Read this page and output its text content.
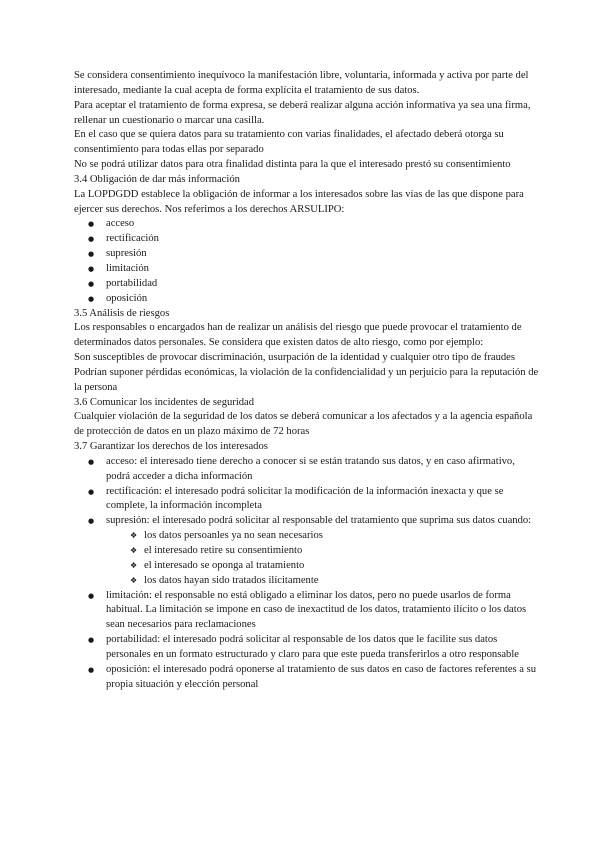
Se considera consentimiento inequívoco la manifestación libre, voluntaria, informada y activa por parte del interesado, mediante la cual acepta de forma explícita el tratamiento de sus datos.

Para aceptar el tratamiento de forma expresa, se deberá realizar alguna acción informativa ya sea una firma, rellenar un cuestionario o marcar una casilla.

En el caso que se quiera datos para su tratamiento con varias finalidades, el afectado deberá otorga su consentimiento para todas ellas por separado

No se podrá utilizar datos para otra finalidad distinta para la que el interesado prestó su consentimiento

3.4 Obligación de dar más información

La LOPDGDD establece la obligación de informar a los interesados sobre las vías de las que dispone para ejercer sus derechos. Nos referimos a los derechos ARSULIPO:

● acceso
● rectificación
● supresión
● limitación
● portabilidad
● oposición

3.5 Análisis de riesgos

Los responsables o encargados han de realizar un análisis del riesgo que puede provocar el tratamiento de determinados datos personales. Se considera que existen datos de alto riesgo, como por ejemplo:

Son susceptibles de provocar discriminación, usurpación de la identidad y cualquier otro tipo de fraudes

Podrían suponer pérdidas económicas, la violación de la confidencialidad y un perjuicio para la reputación de la persona

3.6 Comunicar los incidentes de seguridad

Cualquier violación de la seguridad de los datos se deberá comunicar a los afectados y a la agencia española de protección de datos en un plazo máximo de 72 horas

3.7 Garantizar los derechos de los interesados

● acceso: el interesado tiene derecho a conocer si se están tratando sus datos, y en caso afirmativo, podrá acceder a dicha información
● rectificación: el interesado podrá solicitar la modificación de la información inexacta y que se complete, la información incompleta
● supresión: el interesado podrá solicitar al responsable del tratamiento que suprima sus datos cuando:
❖ los datos persoanles ya no sean necesarios
❖ el interesado retire su consentimiento
❖ el interesado se oponga al tratamiento
❖ los datos hayan sido tratados ilícitamente
● limitación: el responsable no está obligado a eliminar los datos, pero no puede usarlos de forma habitual. La limitación se impone en caso de inexactitud de los datos, tratamiento ilícito o los datos sean necesarios para reclamaciones
● portabilidad: el interesado podrá solicitar al responsable de los datos que le facilite sus datos personales en un formato estructurado y claro para que este pueda transferirlos a otro responsable
● oposición: el interesado podrá oponerse al tratamiento de sus datos en caso de factores referentes a su propia situación y elección personal
